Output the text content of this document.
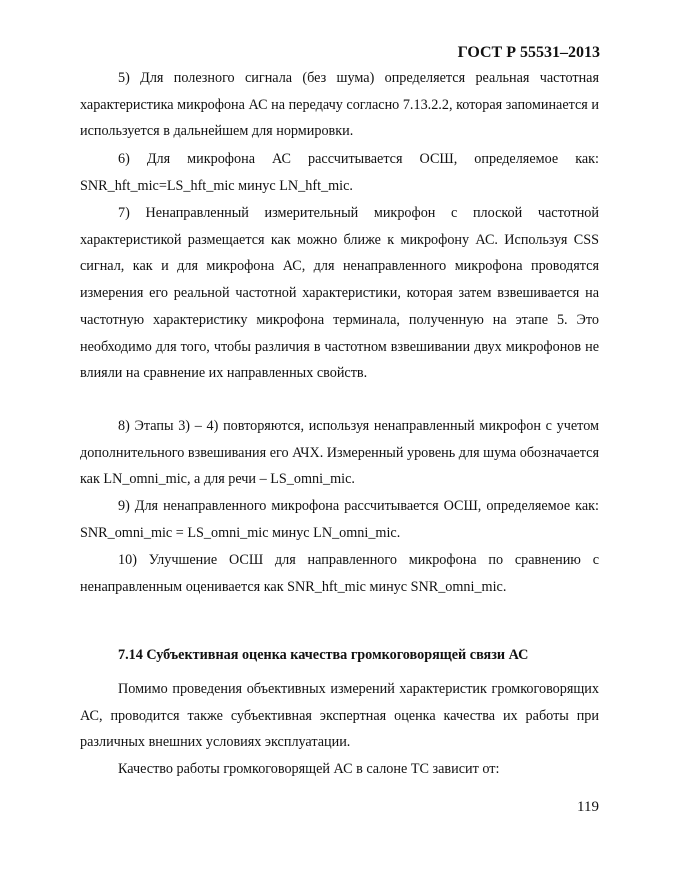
ГОСТ Р 55531–2013

5) Для полезного сигнала (без шума) определяется реальная частотная характеристика микрофона АС на передачу согласно 7.13.2.2, которая запоминается и используется в дальнейшем для нормировки.

6) Для микрофона АС рассчитывается ОСШ, определяемое как: SNR_hft_mic=LS_hft_mic минус LN_hft_mic.

7) Ненаправленный измерительный микрофон с плоской частотной характеристикой размещается как можно ближе к микрофону АС. Используя CSS сигнал, как и для микрофона АС, для ненаправленного микрофона проводятся измерения его реальной частотной характеристики, которая затем взвешивается на частотную характеристику микрофона терминала, полученную на этапе 5. Это необходимо для того, чтобы различия в частотном взвешивании двух микрофонов не влияли на сравнение их направленных свойств.

8) Этапы 3) – 4) повторяются, используя ненаправленный микрофон с учетом дополнительного взвешивания его АЧХ. Измеренный уровень для шума обозначается как LN_omni_mic, а для речи – LS_omni_mic.

9) Для ненаправленного микрофона рассчитывается ОСШ, определяемое как: SNR_omni_mic = LS_omni_mic минус LN_omni_mic.

10) Улучшение ОСШ для направленного микрофона по сравнению с ненаправленным оценивается как SNR_hft_mic минус SNR_omni_mic.

7.14 Субъективная оценка качества громкоговорящей связи АС

Помимо проведения объективных измерений характеристик громкоговорящих АС, проводится также субъективная экспертная оценка качества их работы при различных внешних условиях эксплуатации.

Качество работы громкоговорящей АС в салоне ТС зависит от:

119
